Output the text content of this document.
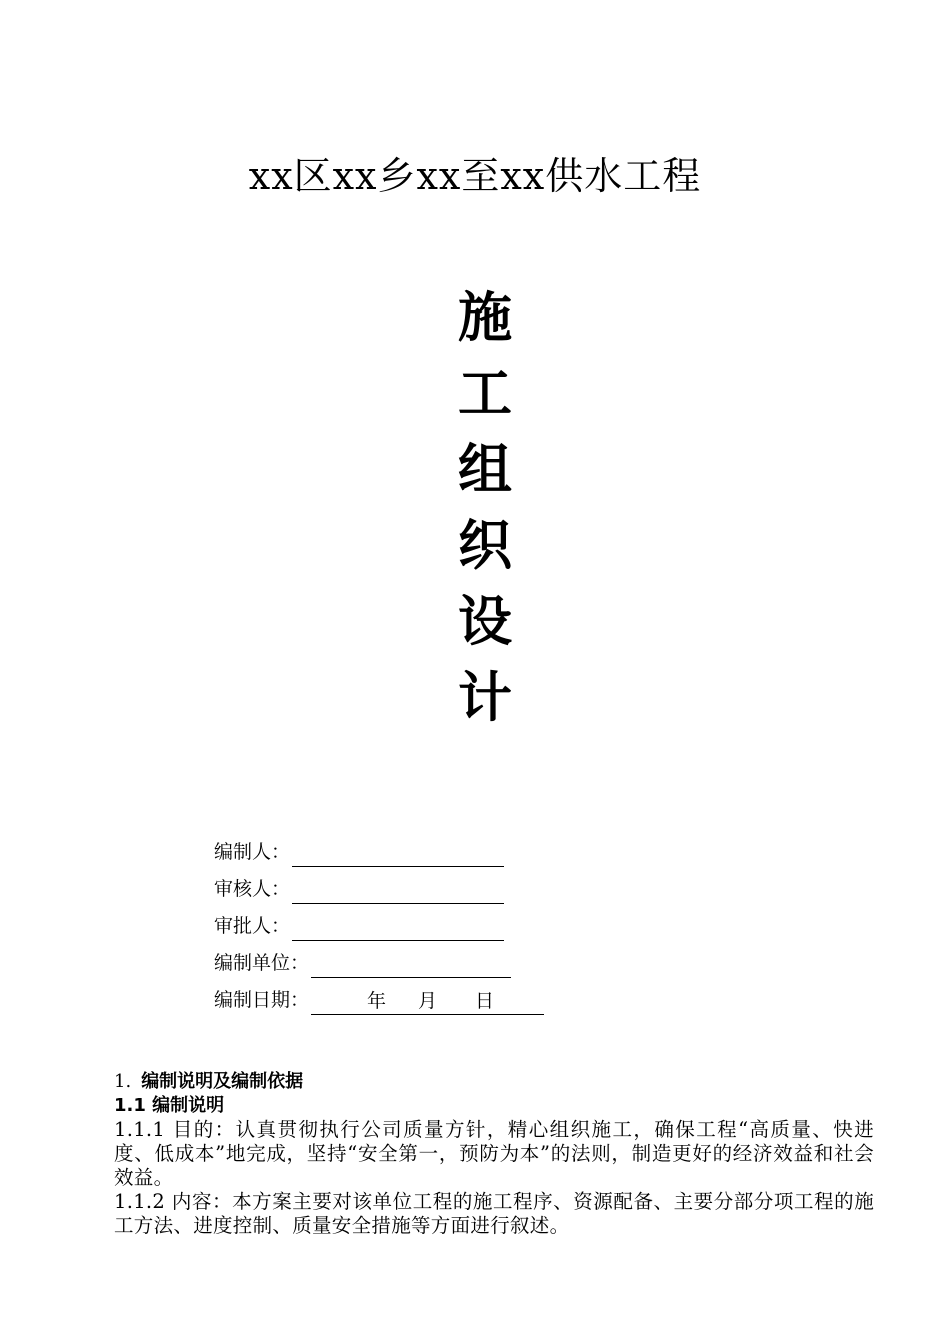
xx区xx乡xx至xx供水工程
施
工
组
织
设
计
编制人：
审核人：
审批人：
编制单位：
编制日期：	年 月 日
1. 编制说明及编制依据
1.1 编制说明
1.1.1 目的：认真贯彻执行公司质量方针，精心组织施工，确保工程“高质量、快进度、低成本”地完成，坚持“安全第一，预防为本”的法则，制造更好的经济效益和社会效益。
1.1.2 内容：本方案主要对该单位工程的施工程序、资源配备、主要分部分项工程的施工方法、进度控制、质量安全措施等方面进行叙述。
